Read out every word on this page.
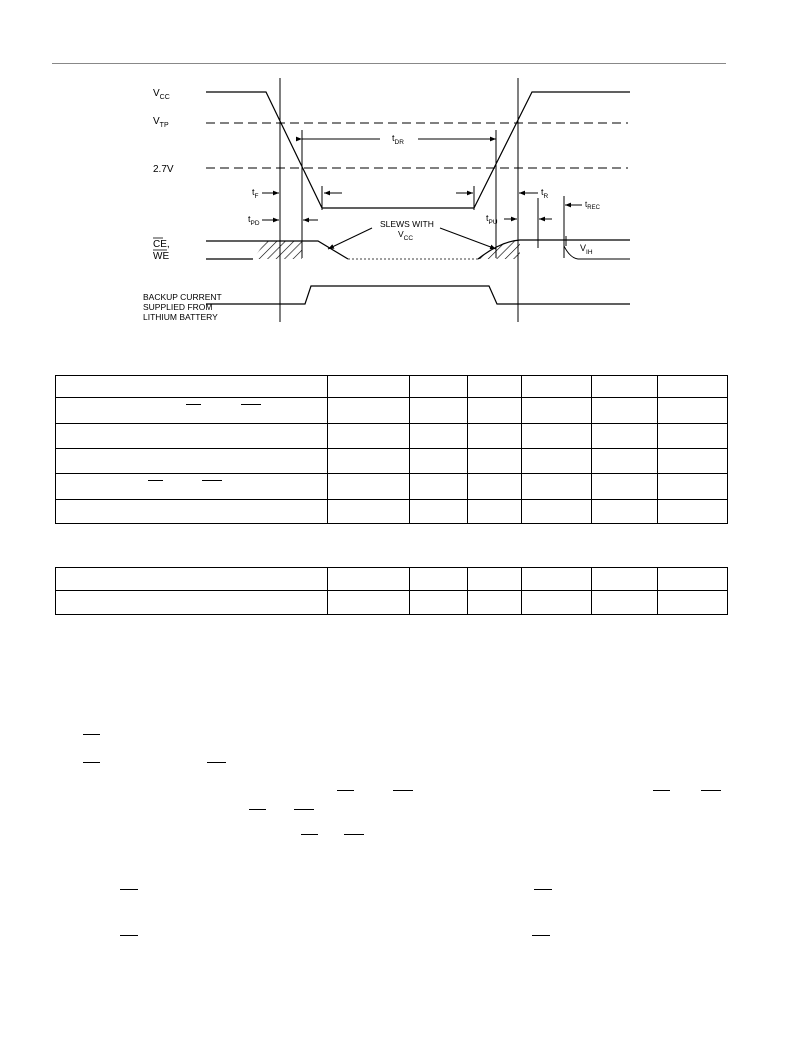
$V_{CC}$
$V_{TP}$
2.7V
CE,
WE
BACKUP CURRENT
SUPPLIED FROM
LITHIUM BATTERY
$t_{DR}$
$t_F$
$t_{PD}$
$t_R$
$t_{PU}$
$t_{REC}$
SLEWS WITH
$V_{CC}$
$V_{IH}$
